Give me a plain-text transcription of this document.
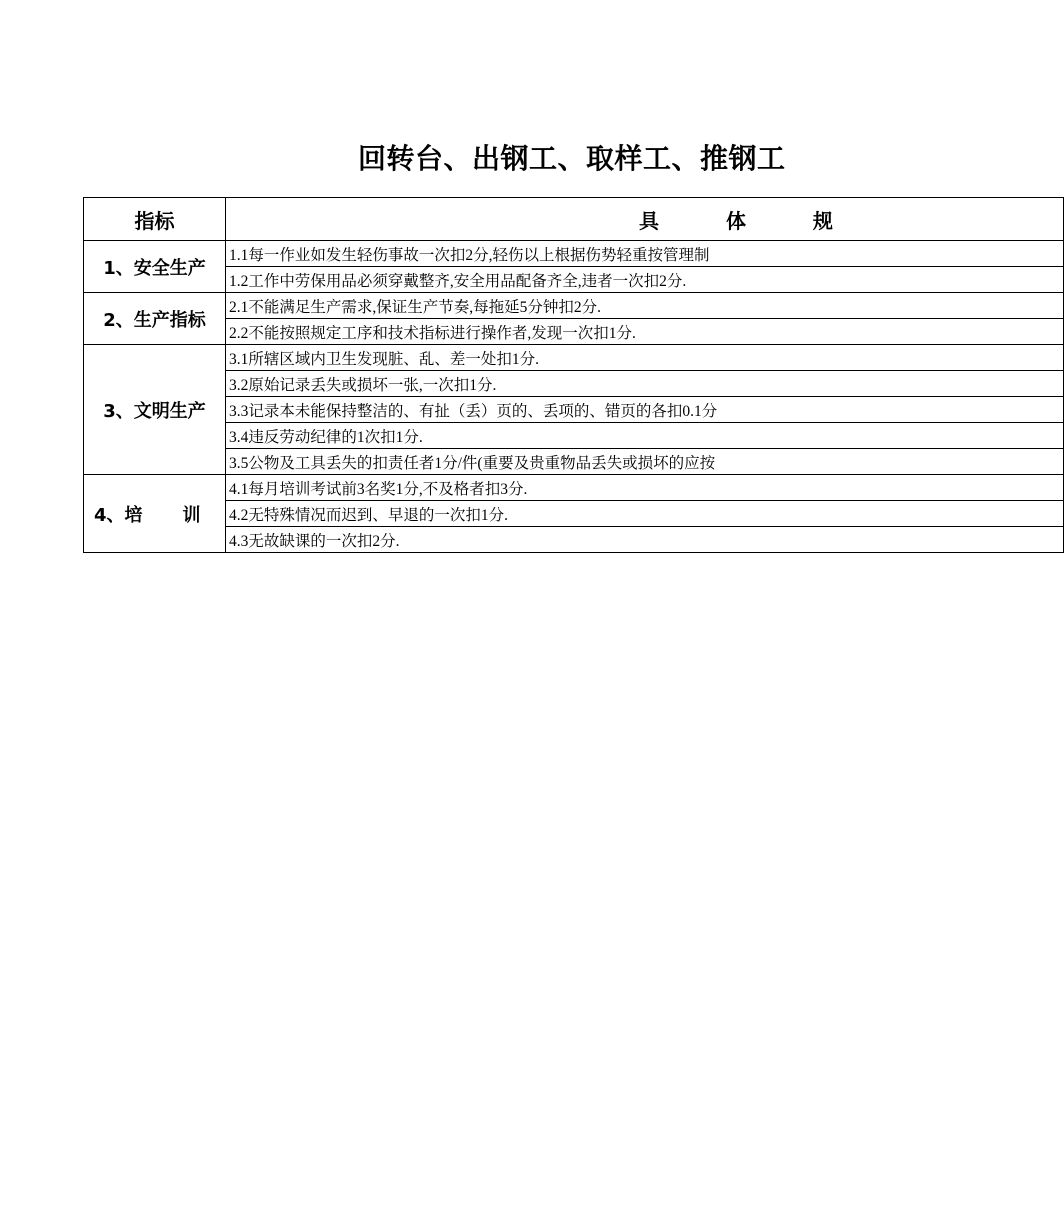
回转台、出钢工、取样工、推钢工
指标	具 体 规
1、安全生产	1.1每一作业如发生轻伤事故一次扣2分,轻伤以上根据伤势轻重按管理制
	1.2工作中劳保用品必须穿戴整齐,安全用品配备齐全,违者一次扣2分.
2、生产指标	2.1不能满足生产需求,保证生产节奏,每拖延5分钟扣2分.
	2.2不能按照规定工序和技术指标进行操作者,发现一次扣1分.
3、文明生产	3.1所辖区域内卫生发现脏、乱、差一处扣1分.
	3.2原始记录丢失或损坏一张,一次扣1分.
	3.3记录本未能保持整洁的、有扯（丢）页的、丢项的、错页的各扣0.1分
	3.4违反劳动纪律的1次扣1分.
	3.5公物及工具丢失的扣责任者1分/件(重要及贵重物品丢失或损坏的应按
4、培 训	4.1每月培训考试前3名奖1分,不及格者扣3分.
	4.2无特殊情况而迟到、早退的一次扣1分.
	4.3无故缺课的一次扣2分.
